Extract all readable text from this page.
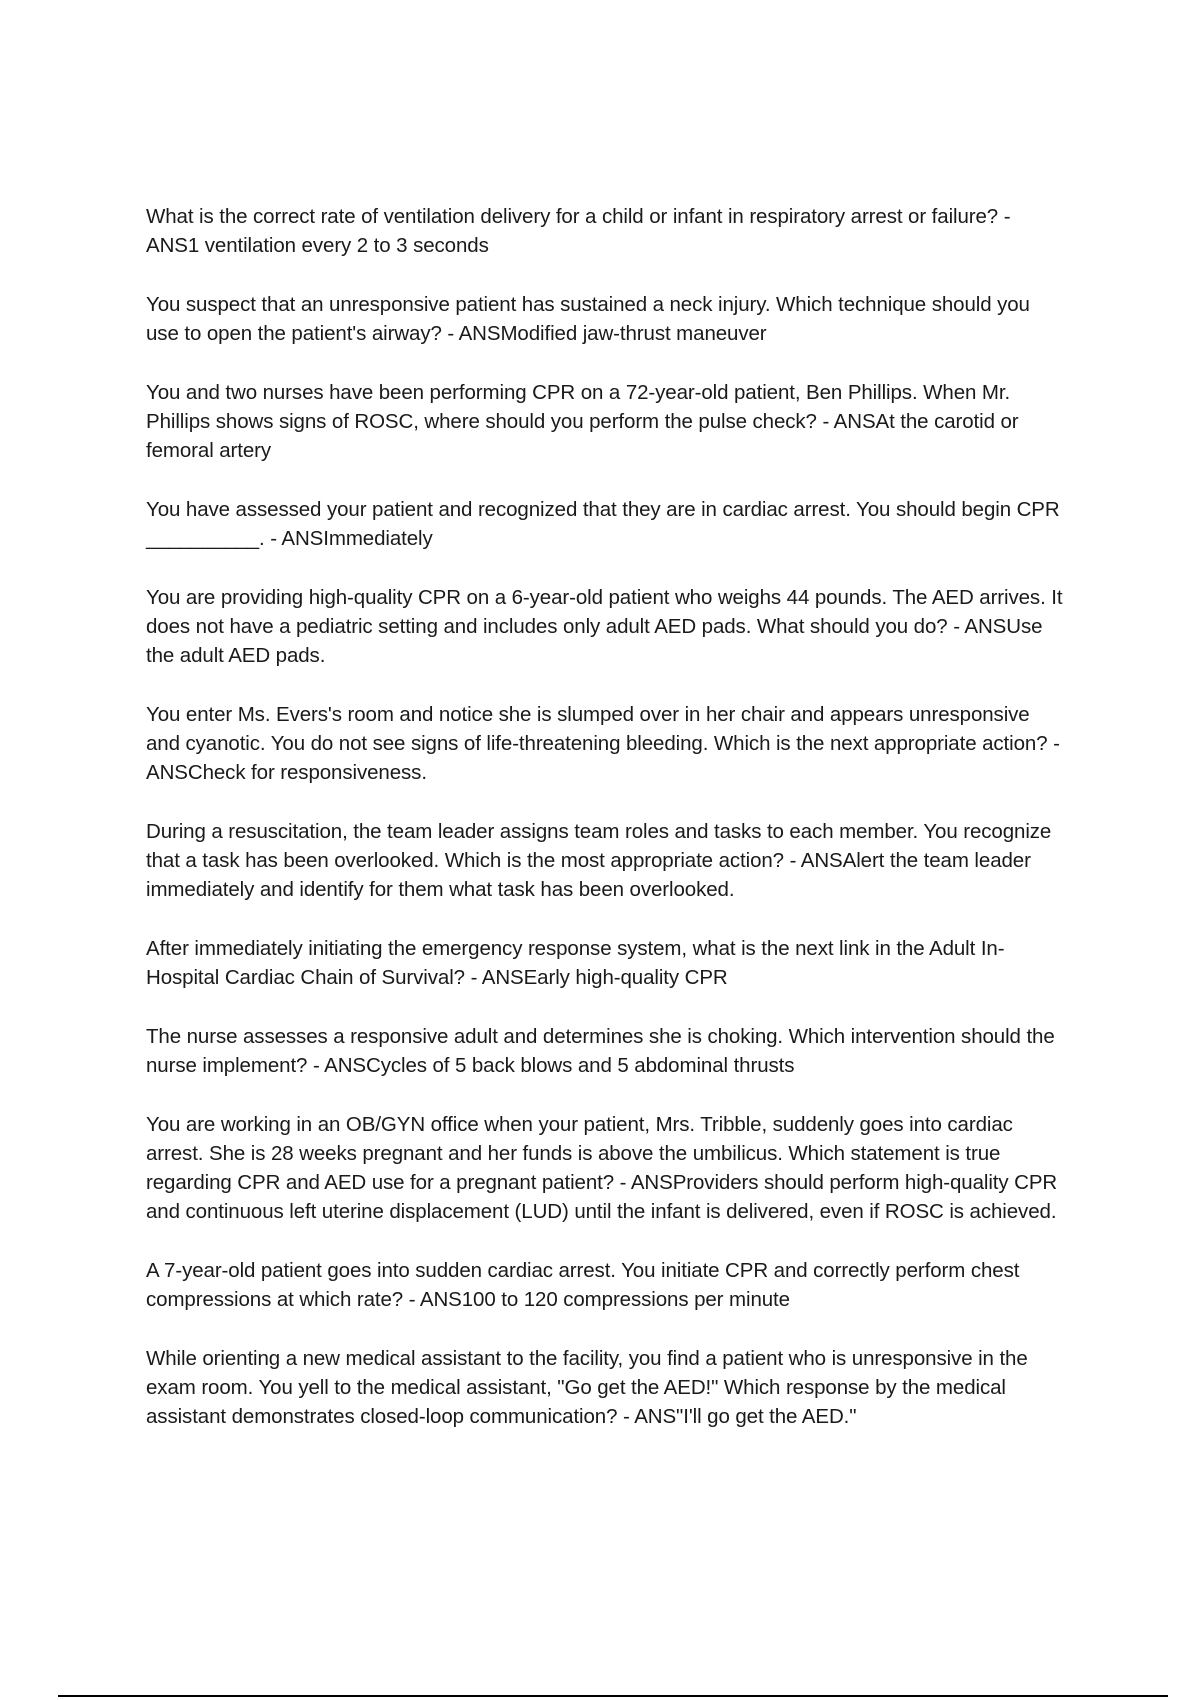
What is the correct rate of ventilation delivery for a child or infant in respiratory arrest or failure? - ANS1 ventilation every 2 to 3 seconds

You suspect that an unresponsive patient has sustained a neck injury. Which technique should you use to open the patient's airway? - ANSModified jaw-thrust maneuver

You and two nurses have been performing CPR on a 72-year-old patient, Ben Phillips. When Mr. Phillips shows signs of ROSC, where should you perform the pulse check? - ANSAt the carotid or femoral artery

You have assessed your patient and recognized that they are in cardiac arrest. You should begin CPR __________. - ANSImmediately

You are providing high-quality CPR on a 6-year-old patient who weighs 44 pounds. The AED arrives. It does not have a pediatric setting and includes only adult AED pads. What should you do? - ANSUse the adult AED pads.

You enter Ms. Evers's room and notice she is slumped over in her chair and appears unresponsive and cyanotic. You do not see signs of life-threatening bleeding. Which is the next appropriate action? - ANSCheck for responsiveness.

During a resuscitation, the team leader assigns team roles and tasks to each member. You recognize that a task has been overlooked. Which is the most appropriate action? - ANSAlert the team leader immediately and identify for them what task has been overlooked.

After immediately initiating the emergency response system, what is the next link in the Adult In-Hospital Cardiac Chain of Survival? - ANSEarly high-quality CPR

The nurse assesses a responsive adult and determines she is choking. Which intervention should the nurse implement? - ANSCycles of 5 back blows and 5 abdominal thrusts

You are working in an OB/GYN office when your patient, Mrs. Tribble, suddenly goes into cardiac arrest. She is 28 weeks pregnant and her funds is above the umbilicus. Which statement is true regarding CPR and AED use for a pregnant patient? - ANSProviders should perform high-quality CPR and continuous left uterine displacement (LUD) until the infant is delivered, even if ROSC is achieved.

A 7-year-old patient goes into sudden cardiac arrest. You initiate CPR and correctly perform chest compressions at which rate? - ANS100 to 120 compressions per minute

While orienting a new medical assistant to the facility, you find a patient who is unresponsive in the exam room. You yell to the medical assistant, "Go get the AED!" Which response by the medical assistant demonstrates closed-loop communication? - ANS"I'll go get the AED."
